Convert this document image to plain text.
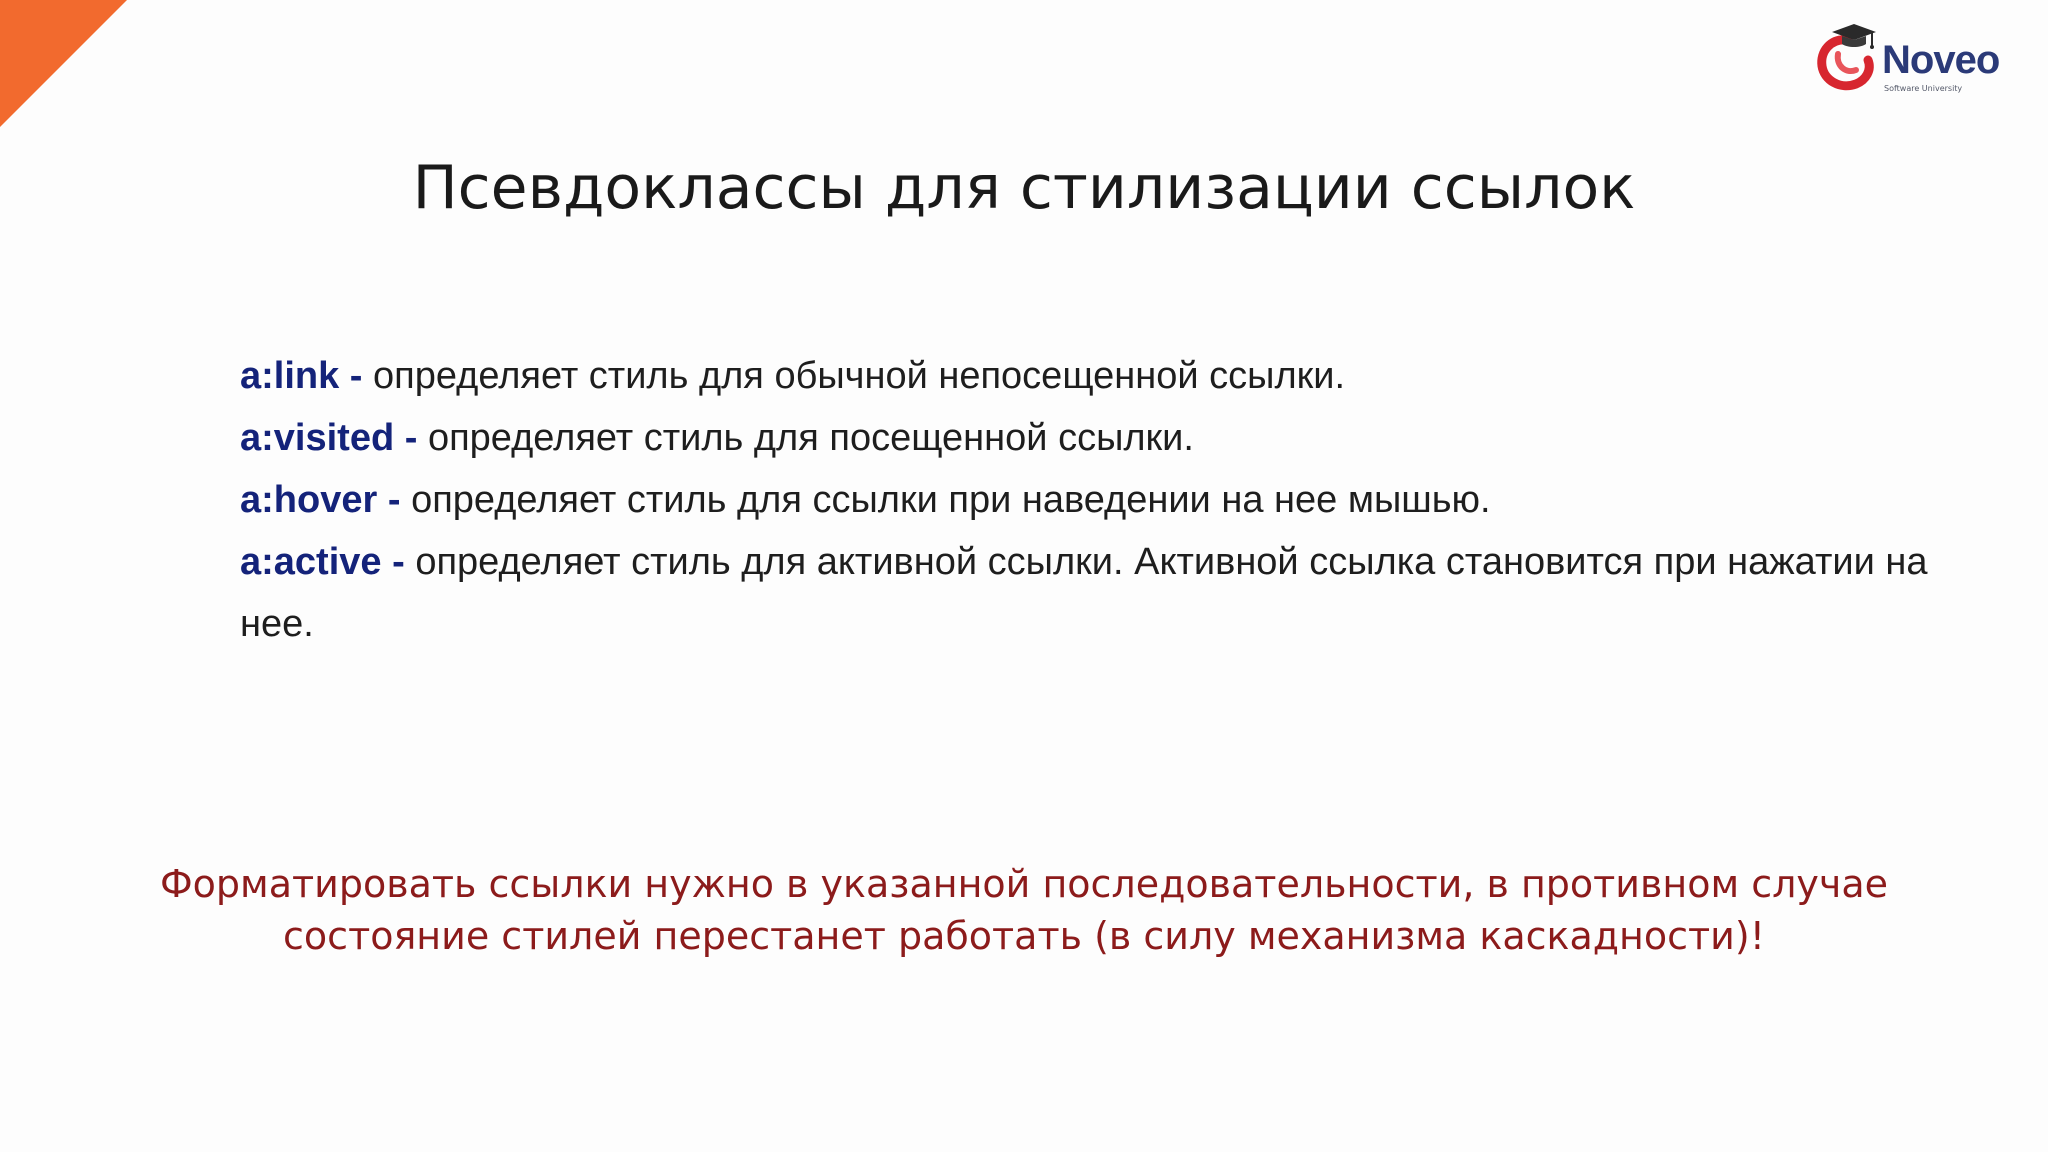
Noveo
Software University
Псевдоклассы для стилизации ссылок
a:link - определяет стиль для обычной непосещенной ссылки.
a:visited - определяет стиль для посещенной ссылки.
a:hover - определяет стиль для ссылки при наведении на нее мышью.
a:active - определяет стиль для активной ссылки. Активной ссылка становится при нажатии на нее.

Форматировать ссылки нужно в указанной последовательности, в противном случае
состояние стилей перестанет работать (в силу механизма каскадности)!
